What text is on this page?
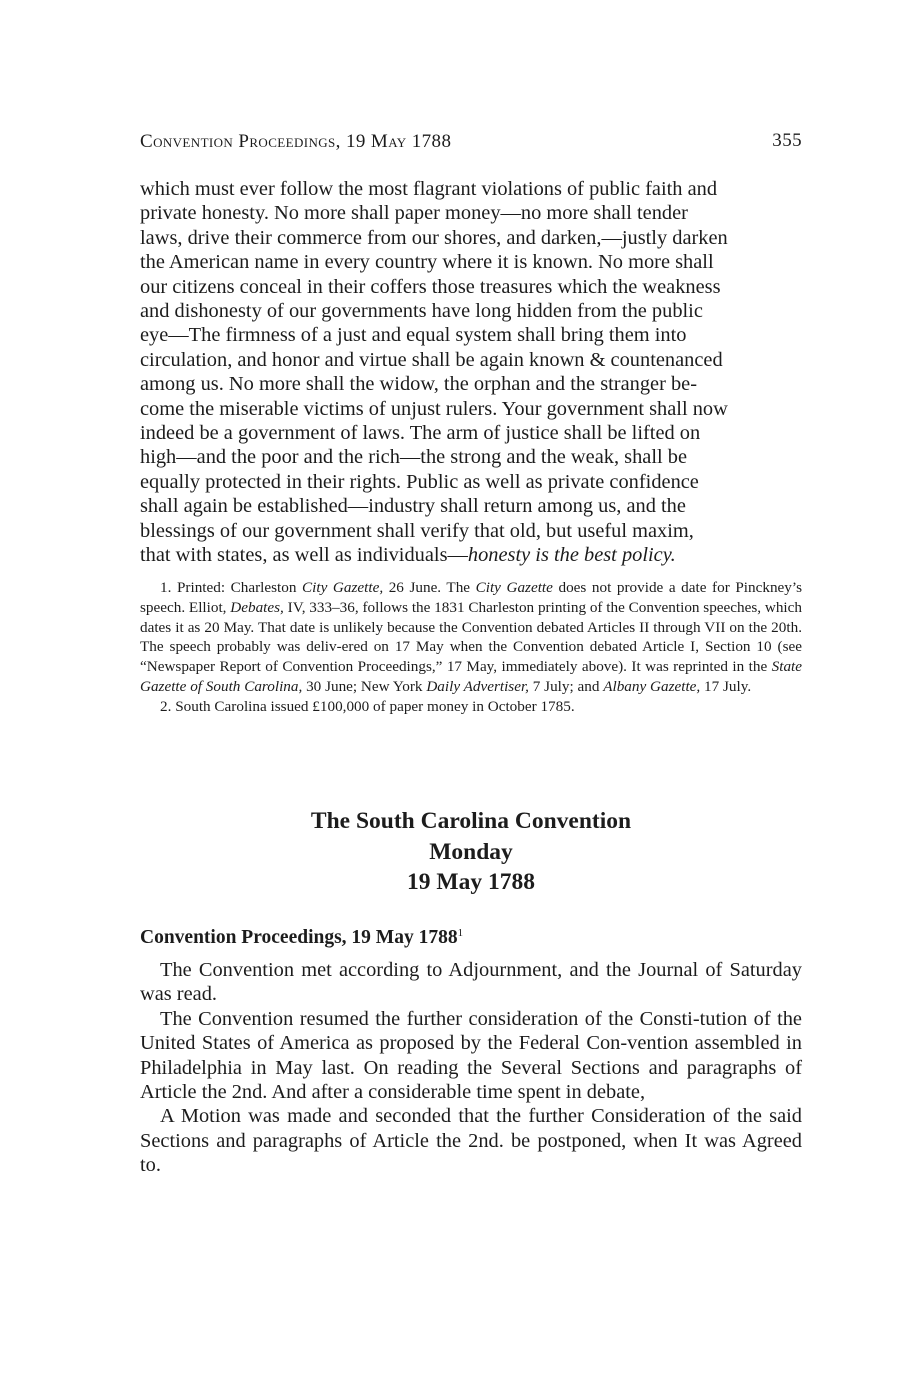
Convention Proceedings, 19 May 1788	355

which must ever follow the most flagrant violations of public faith and

private honesty. No more shall paper money—no more shall tender

laws, drive their commerce from our shores, and darken,—justly darken

the American name in every country where it is known. No more shall

our citizens conceal in their coffers those treasures which the weakness

and dishonesty of our governments have long hidden from the public

eye—The firmness of a just and equal system shall bring them into

circulation, and honor and virtue shall be again known & countenanced

among us. No more shall the widow, the orphan and the stranger be-

come the miserable victims of unjust rulers. Your government shall now

indeed be a government of laws. The arm of justice shall be lifted on

high—and the poor and the rich—the strong and the weak, shall be

equally protected in their rights. Public as well as private confidence

shall again be established—industry shall return among us, and the

blessings of our government shall verify that old, but useful maxim,

that with states, as well as individuals—honesty is the best policy.

1. Printed: Charleston City Gazette, 26 June. The City Gazette does not provide a date for Pinckney’s speech. Elliot, Debates, IV, 333–36, follows the 1831 Charleston printing of the Convention speeches, which dates it as 20 May. That date is unlikely because the Convention debated Articles II through VII on the 20th. The speech probably was deliv-ered on 17 May when the Convention debated Article I, Section 10 (see “Newspaper Report of Convention Proceedings,” 17 May, immediately above). It was reprinted in the State Gazette of South Carolina, 30 June; New York Daily Advertiser, 7 July; and Albany Gazette, 17 July.

2. South Carolina issued £100,000 of paper money in October 1785.

The South Carolina Convention
Monday
19 May 1788
Convention Proceedings, 19 May 1788$^1$

The Convention met according to Adjournment, and the Journal of Saturday was read.

The Convention resumed the further consideration of the Consti-tution of the United States of America as proposed by the Federal Con-vention assembled in Philadelphia in May last. On reading the Several Sections and paragraphs of Article the 2nd. And after a considerable time spent in debate,

A Motion was made and seconded that the further Consideration of the said Sections and paragraphs of Article the 2nd. be postponed, when It was Agreed to.
